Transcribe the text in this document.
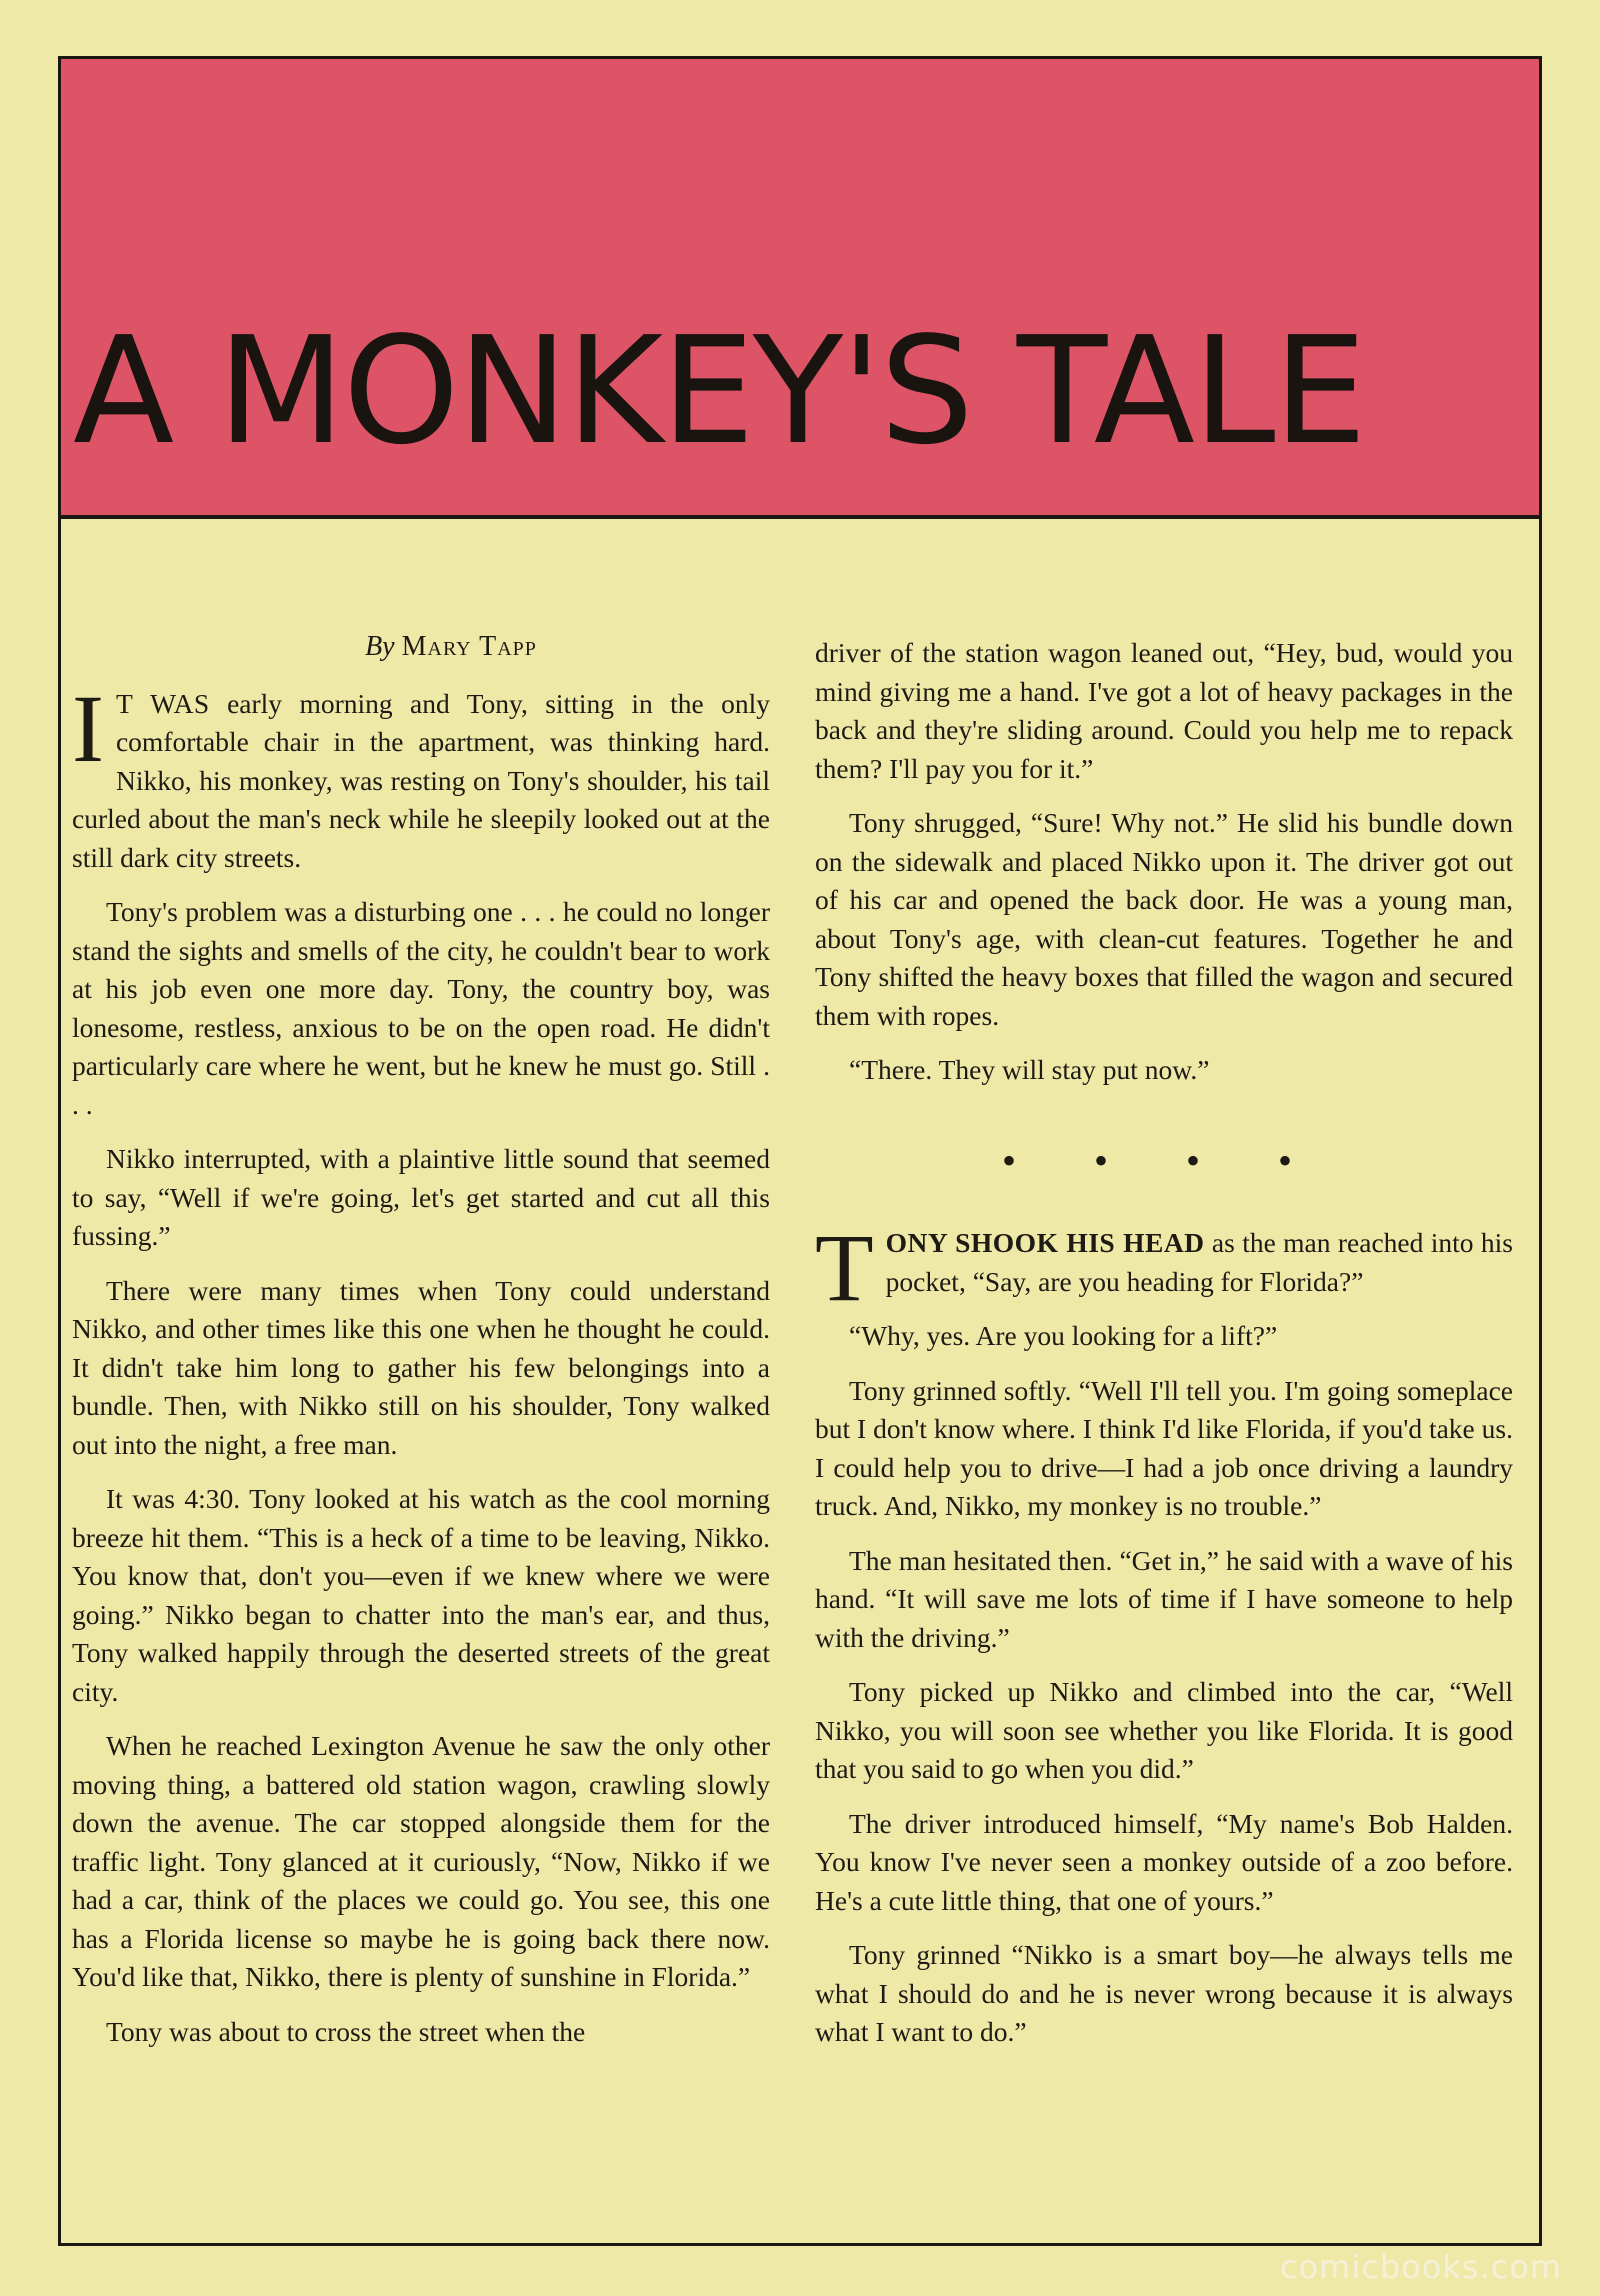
A MONKEY'S TALE
By Mary Tapp

I T WAS early morning and Tony, sitting in the only comfortable chair in the apartment, was thinking hard. Nikko, his monkey, was resting on Tony's shoulder, his tail curled about the man's neck while he sleepily looked out at the still dark city streets.

Tony's problem was a disturbing one . . . he could no longer stand the sights and smells of the city, he couldn't bear to work at his job even one more day. Tony, the country boy, was lonesome, restless, anxious to be on the open road. He didn't particularly care where he went, but he knew he must go. Still . . .

Nikko interrupted, with a plaintive little sound that seemed to say, “Well if we're going, let's get started and cut all this fussing.”

There were many times when Tony could understand Nikko, and other times like this one when he thought he could. It didn't take him long to gather his few belongings into a bundle. Then, with Nikko still on his shoulder, Tony walked out into the night, a free man.

It was 4:30. Tony looked at his watch as the cool morning breeze hit them. “This is a heck of a time to be leaving, Nikko. You know that, don't you—even if we knew where we were going.” Nikko began to chatter into the man's ear, and thus, Tony walked happily through the deserted streets of the great city.

When he reached Lexington Avenue he saw the only other moving thing, a battered old station wagon, crawling slowly down the avenue. The car stopped alongside them for the traffic light. Tony glanced at it curiously, “Now, Nikko if we had a car, think of the places we could go. You see, this one has a Florida license so maybe he is going back there now. You'd like that, Nikko, there is plenty of sunshine in Florida.”

Tony was about to cross the street when the

driver of the station wagon leaned out, “Hey, bud, would you mind giving me a hand. I've got a lot of heavy packages in the back and they're sliding around. Could you help me to repack them? I'll pay you for it.”

Tony shrugged, “Sure! Why not.” He slid his bundle down on the sidewalk and placed Nikko upon it. The driver got out of his car and opened the back door. He was a young man, about Tony's age, with clean-cut features. Together he and Tony shifted the heavy boxes that filled the wagon and secured them with ropes.

“There. They will stay put now.”

• • • •

TONY SHOOK HIS HEAD as the man reached into his pocket, “Say, are you heading for Florida?”

“Why, yes. Are you looking for a lift?”

Tony grinned softly. “Well I'll tell you. I'm going someplace but I don't know where. I think I'd like Florida, if you'd take us. I could help you to drive—I had a job once driving a laundry truck. And, Nikko, my monkey is no trouble.”

The man hesitated then. “Get in,” he said with a wave of his hand. “It will save me lots of time if I have someone to help with the driving.”

Tony picked up Nikko and climbed into the car, “Well Nikko, you will soon see whether you like Florida. It is good that you said to go when you did.”

The driver introduced himself, “My name's Bob Halden. You know I've never seen a monkey outside of a zoo before. He's a cute little thing, that one of yours.”

Tony grinned “Nikko is a smart boy—he always tells me what I should do and he is never wrong because it is always what I want to do.”

comicbooks.com
